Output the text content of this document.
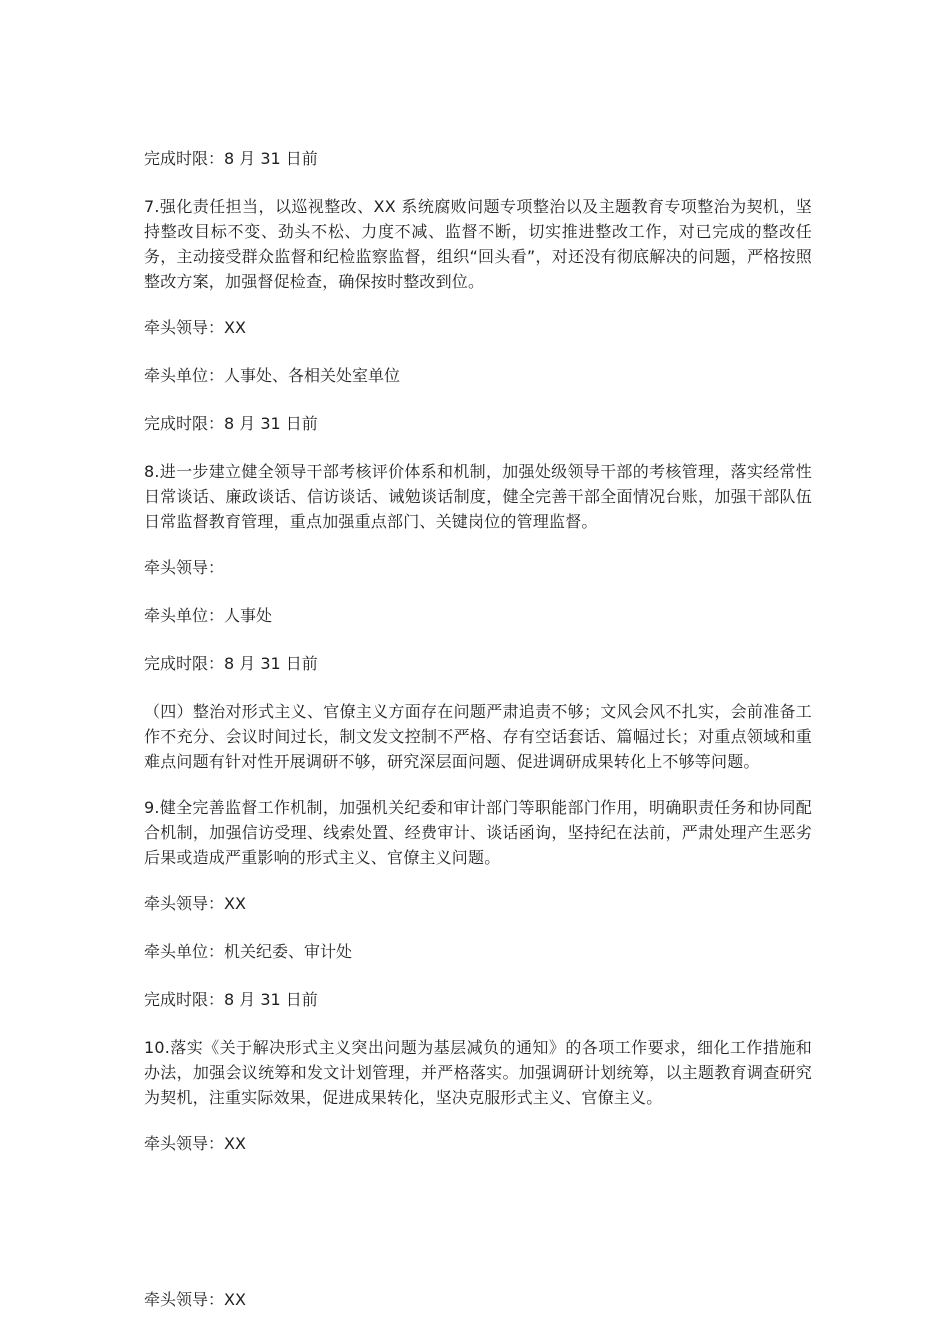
完成时限：8 月 31 日前

7.强化责任担当，以巡视整改、XX 系统腐败问题专项整治以及主题教育专项整治为契机，坚持整改目标不变、劲头不松、力度不减、监督不断，切实推进整改工作，对已完成的整改任务，主动接受群众监督和纪检监察监督，组织“回头看”，对还没有彻底解决的问题，严格按照整改方案，加强督促检查，确保按时整改到位。

牵头领导：XX

牵头单位：人事处、各相关处室单位

完成时限：8 月 31 日前

8.进一步建立健全领导干部考核评价体系和机制，加强处级领导干部的考核管理，落实经常性日常谈话、廉政谈话、信访谈话、诫勉谈话制度，健全完善干部全面情况台账，加强干部队伍日常监督教育管理，重点加强重点部门、关键岗位的管理监督。

牵头领导：

牵头单位：人事处

完成时限：8 月 31 日前

（四）整治对形式主义、官僚主义方面存在问题严肃追责不够；文风会风不扎实，会前准备工作不充分、会议时间过长，制文发文控制不严格、存有空话套话、篇幅过长；对重点领域和重难点问题有针对性开展调研不够，研究深层面问题、促进调研成果转化上不够等问题。

9.健全完善监督工作机制，加强机关纪委和审计部门等职能部门作用，明确职责任务和协同配合机制，加强信访受理、线索处置、经费审计、谈话函询，坚持纪在法前，严肃处理产生恶劣后果或造成严重影响的形式主义、官僚主义问题。

牵头领导：XX

牵头单位：机关纪委、审计处

完成时限：8 月 31 日前

10.落实《关于解决形式主义突出问题为基层减负的通知》的各项工作要求，细化工作措施和办法，加强会议统筹和发文计划管理，并严格落实。加强调研计划统筹，以主题教育调查研究为契机，注重实际效果，促进成果转化，坚决克服形式主义、官僚主义。

牵头领导：XX

牵头领导：XX
